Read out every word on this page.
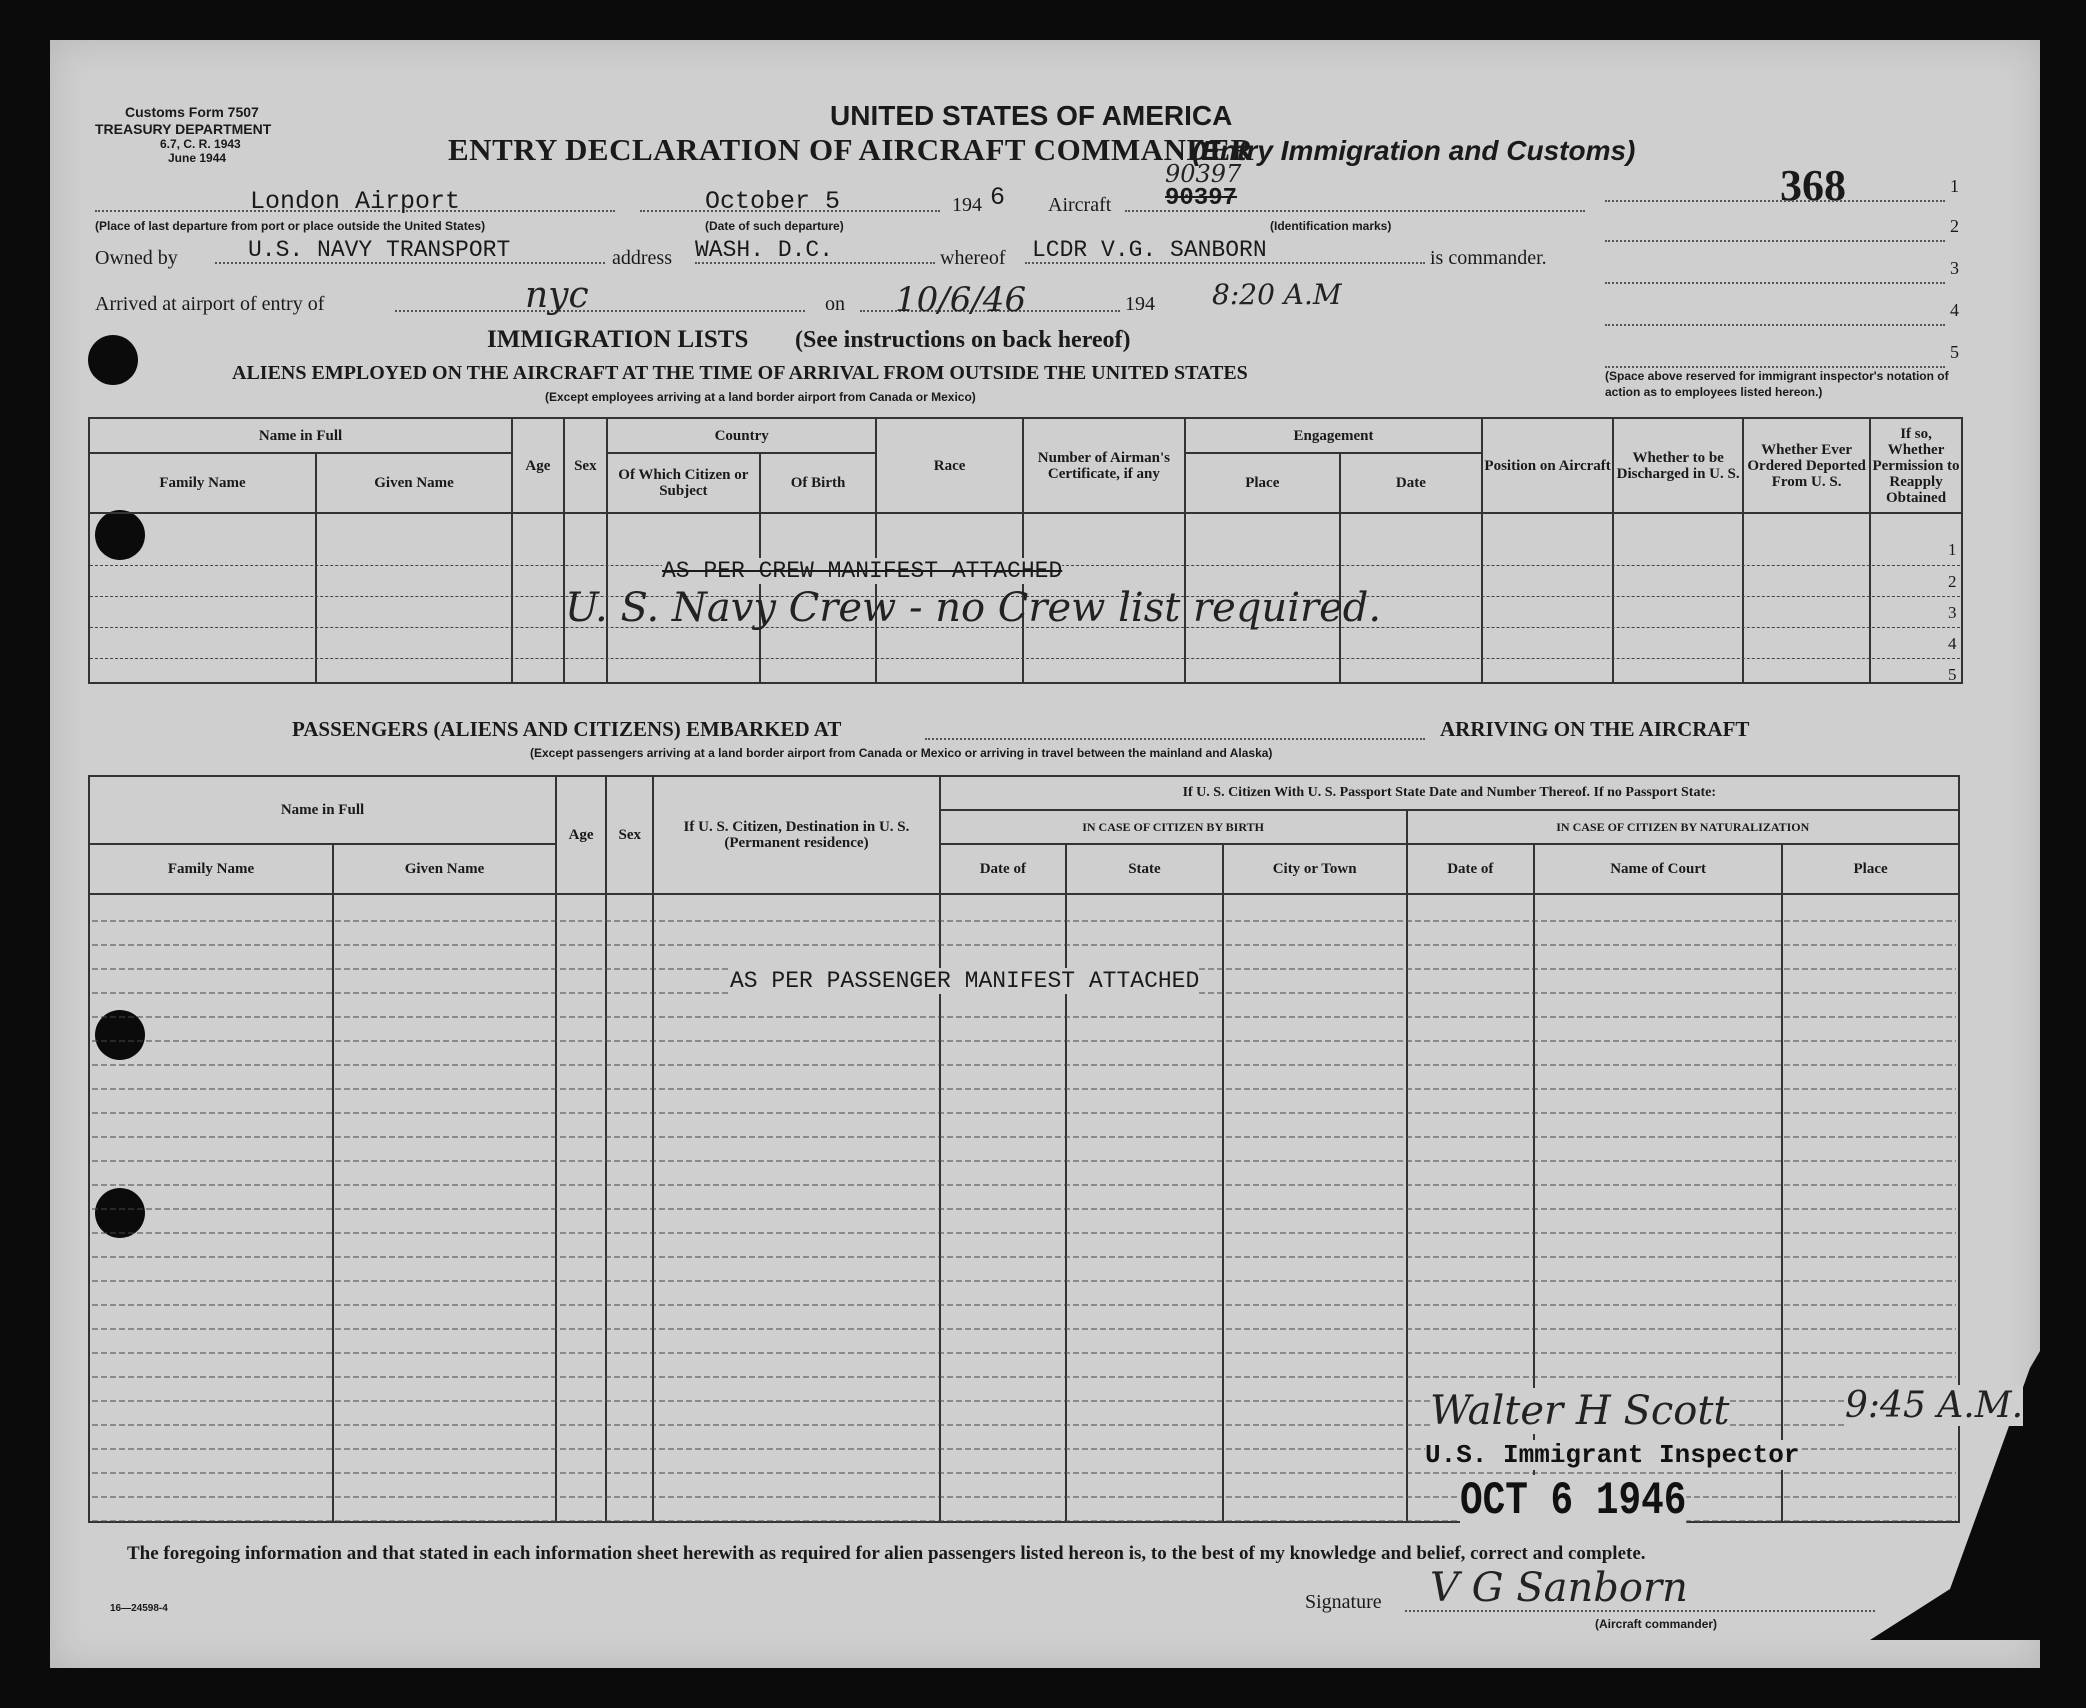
Customs Form 7507
TREASURY DEPARTMENT
6.7, C. R. 1943
June 1944
UNITED STATES OF AMERICA
ENTRY DECLARATION OF AIRCRAFT COMMANDER
(Entry Immigration and Customs)
London Airport
(Place of last departure from port or place outside the United States)
October 5
(Date of such departure)
194 6 Aircraft 90397
90397
(Identification marks)
368	1
2
3
4
5
(Space above reserved for immigrant inspector's notation of action as to employees listed hereon.)
Owned by	U.S. NAVY TRANSPORT	address WASH. D.C.	whereof LCDR V.G. SANBORN	is commander.
Arrived at airport of entry of	nyc	on 10/6/46	194 8:20 A.M
IMMIGRATION LISTS (See instructions on back hereof)
ALIENS EMPLOYED ON THE AIRCRAFT AT THE TIME OF ARRIVAL FROM OUTSIDE THE UNITED STATES
(Except employees arriving at a land border airport from Canada or Mexico)
Name in Full		Age	Sex	Country		Race	Number of Airman's Certificate, if any	Engagement		Position on Aircraft	Whether to be Discharged in U. S.	Whether Ever Ordered Deported From U. S.	If so, Whether Permission to Reapply Obtained
Family Name	Given Name			Of Which Citizen or Subject	Of Birth			Place	Date				

1
2
3
4
5
AS PER CREW MANIFEST ATTACHED
U. S. Navy Crew - no Crew list required.
PASSENGERS (ALIENS AND CITIZENS) EMBARKED AT	ARRIVING ON THE AIRCRAFT
(Except passengers arriving at a land border airport from Canada or Mexico or arriving in travel between the mainland and Alaska)
Name in Full		Age	Sex	If U. S. Citizen, Destination in U. S. (Permanent residence)	If U. S. Citizen With U. S. Passport State Date and Number Thereof. If no Passport State:					
					IN CASE OF CITIZEN BY BIRTH			IN CASE OF CITIZEN BY NATURALIZATION		
Family Name	Given Name				Date of	State	City or Town	Date of	Name of Court	Place

AS PER PASSENGER MANIFEST ATTACHED
Walter H Scott	9:45 A.M.
U.S. Immigrant Inspector
OCT 6 1946
The foregoing information and that stated in each information sheet herewith as required for alien passengers listed hereon is, to the best of my knowledge and belief, correct and complete.
Signature V G Sanborn
(Aircraft commander)
16—24598-4
